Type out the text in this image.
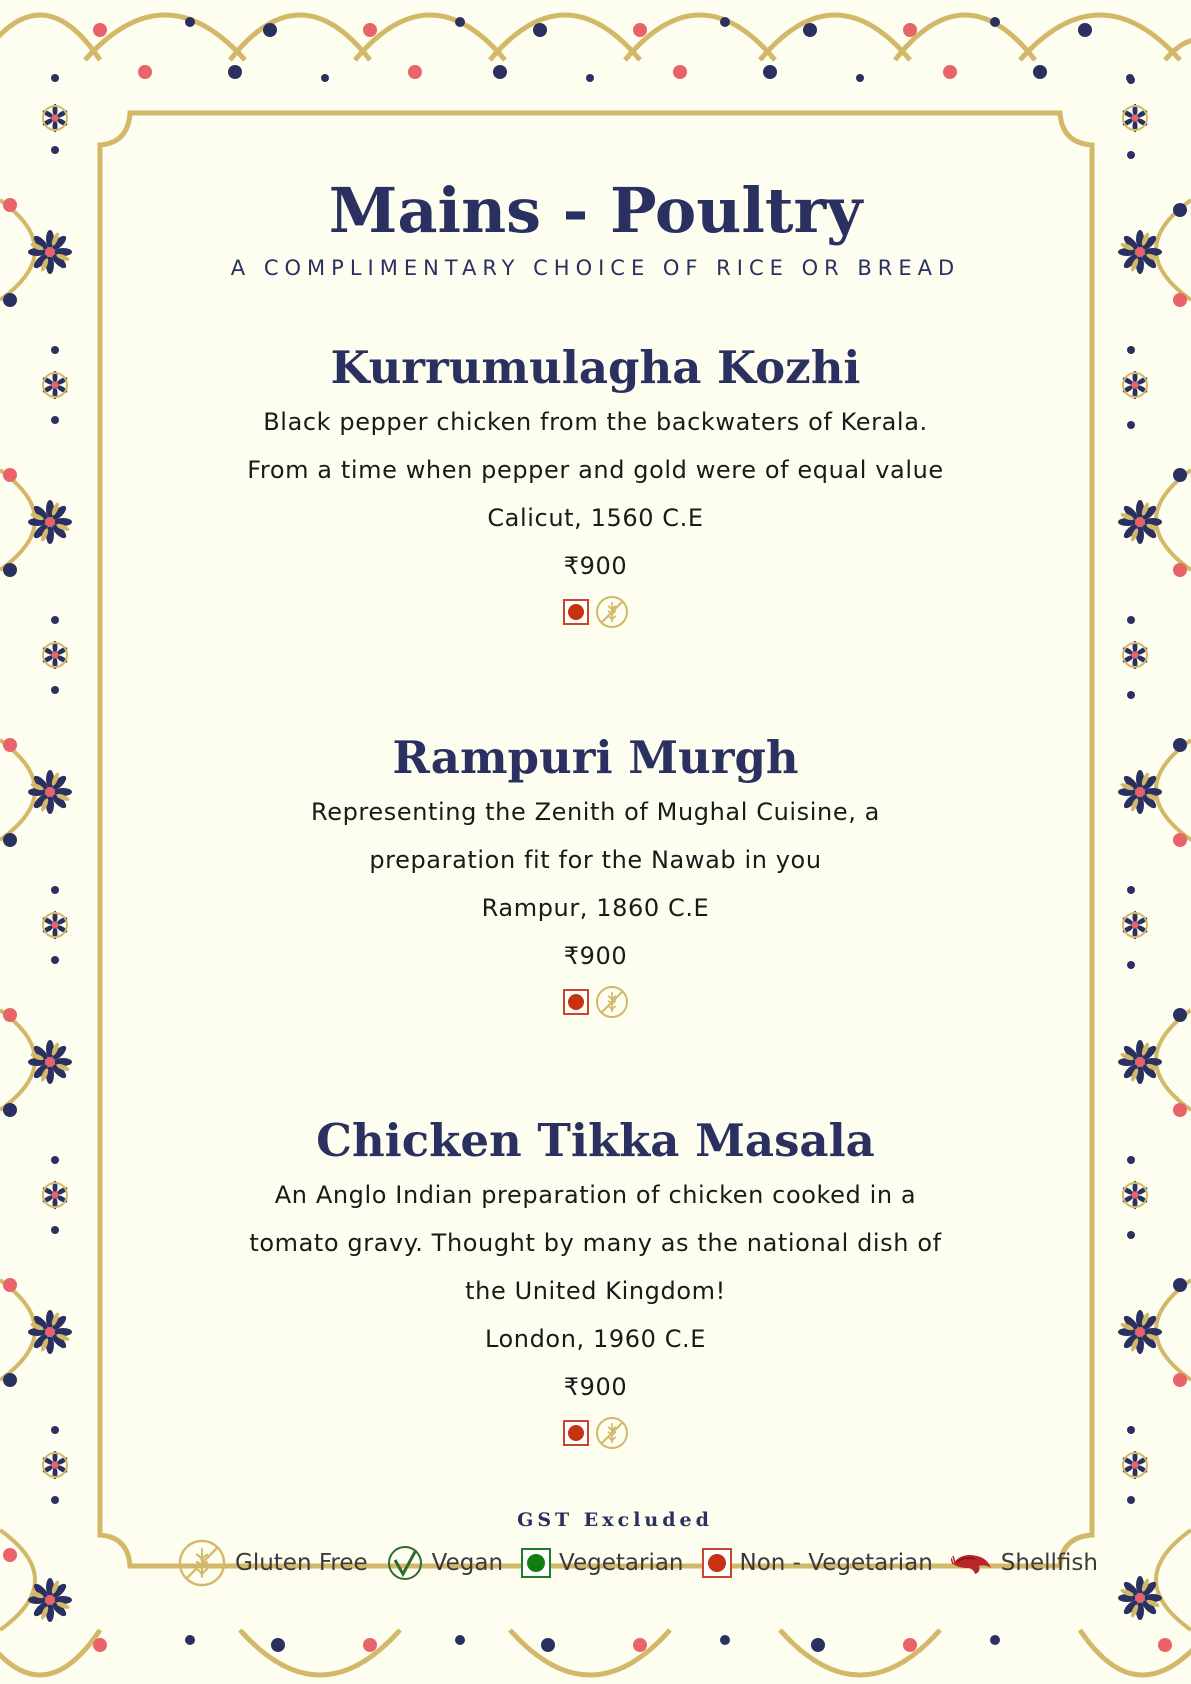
Mains - Poultry
A COMPLIMENTARY CHOICE OF RICE OR BREAD
Kurrumulagha Kozhi
Black pepper chicken from the backwaters of Kerala.
From a time when pepper and gold were of equal value
Calicut, 1560 C.E
₹900
Rampuri Murgh
Representing the Zenith of Mughal Cuisine, a
preparation fit for the Nawab in you
Rampur, 1860 C.E
₹900
Chicken Tikka Masala
An Anglo Indian preparation of chicken cooked in a
tomato gravy. Thought by many as the national dish of
the United Kingdom!
London, 1960 C.E
₹900
GST Excluded
Gluten Free	Vegan Vegetarian Non - Vegetarian	Shellfish
